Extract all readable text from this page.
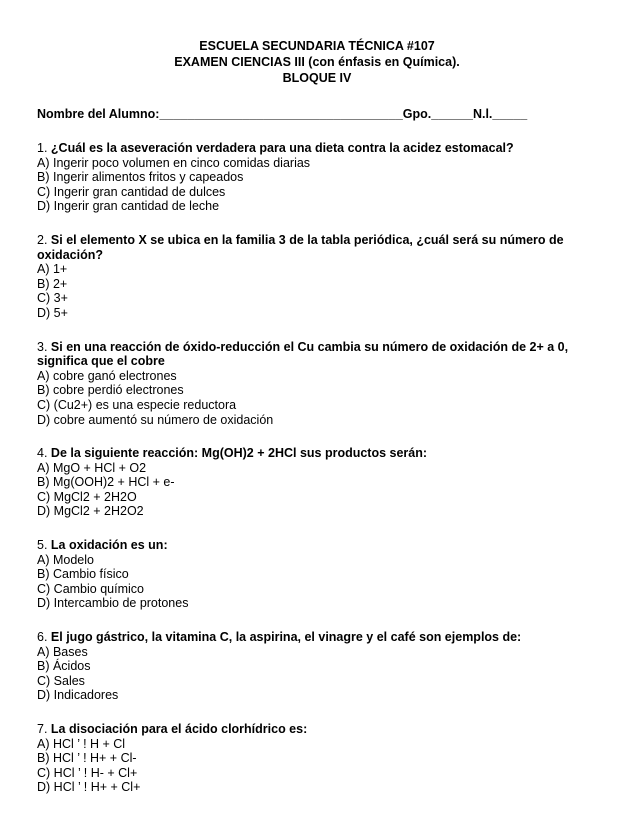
ESCUELA SECUNDARIA TÉCNICA #107
EXAMEN CIENCIAS III (con énfasis en Química).
BLOQUE IV
Nombre del Alumno:___________________________________Gpo.______N.l._____
1. ¿Cuál es la aseveración verdadera para una dieta contra la acidez estomacal?
A) Ingerir poco volumen en cinco comidas diarias
B) Ingerir alimentos fritos y capeados
C) Ingerir gran cantidad de dulces
D) Ingerir gran cantidad de leche
2. Si el elemento X se ubica en la familia 3 de la tabla periódica, ¿cuál será su número de oxidación?
A) 1+
B) 2+
C) 3+
D) 5+
3. Si en una reacción de óxido-reducción el Cu cambia su número de oxidación de 2+ a 0, significa que el cobre
A) cobre ganó electrones
B) cobre perdió electrones
C) (Cu2+) es una especie reductora
D) cobre aumentó su número de oxidación
4. De la siguiente reacción: Mg(OH)2 + 2HCl sus productos serán:
A) MgO + HCl + O2
B) Mg(OOH)2 + HCl + e-
C) MgCl2 + 2H2O
D) MgCl2 + 2H2O2
5. La oxidación es un:
A) Modelo
B) Cambio físico
C) Cambio químico
D) Intercambio de protones
6. El jugo gástrico, la vitamina C, la aspirina, el vinagre y el café son ejemplos de:
A) Bases
B) Ácidos
C) Sales
D) Indicadores
7. La disociación para el ácido clorhídrico es:
A) HCl ’ ! H + Cl
B) HCl ’ ! H+ + Cl-
C) HCl ’ ! H- + Cl+
D) HCl ’ ! H+ + Cl+
